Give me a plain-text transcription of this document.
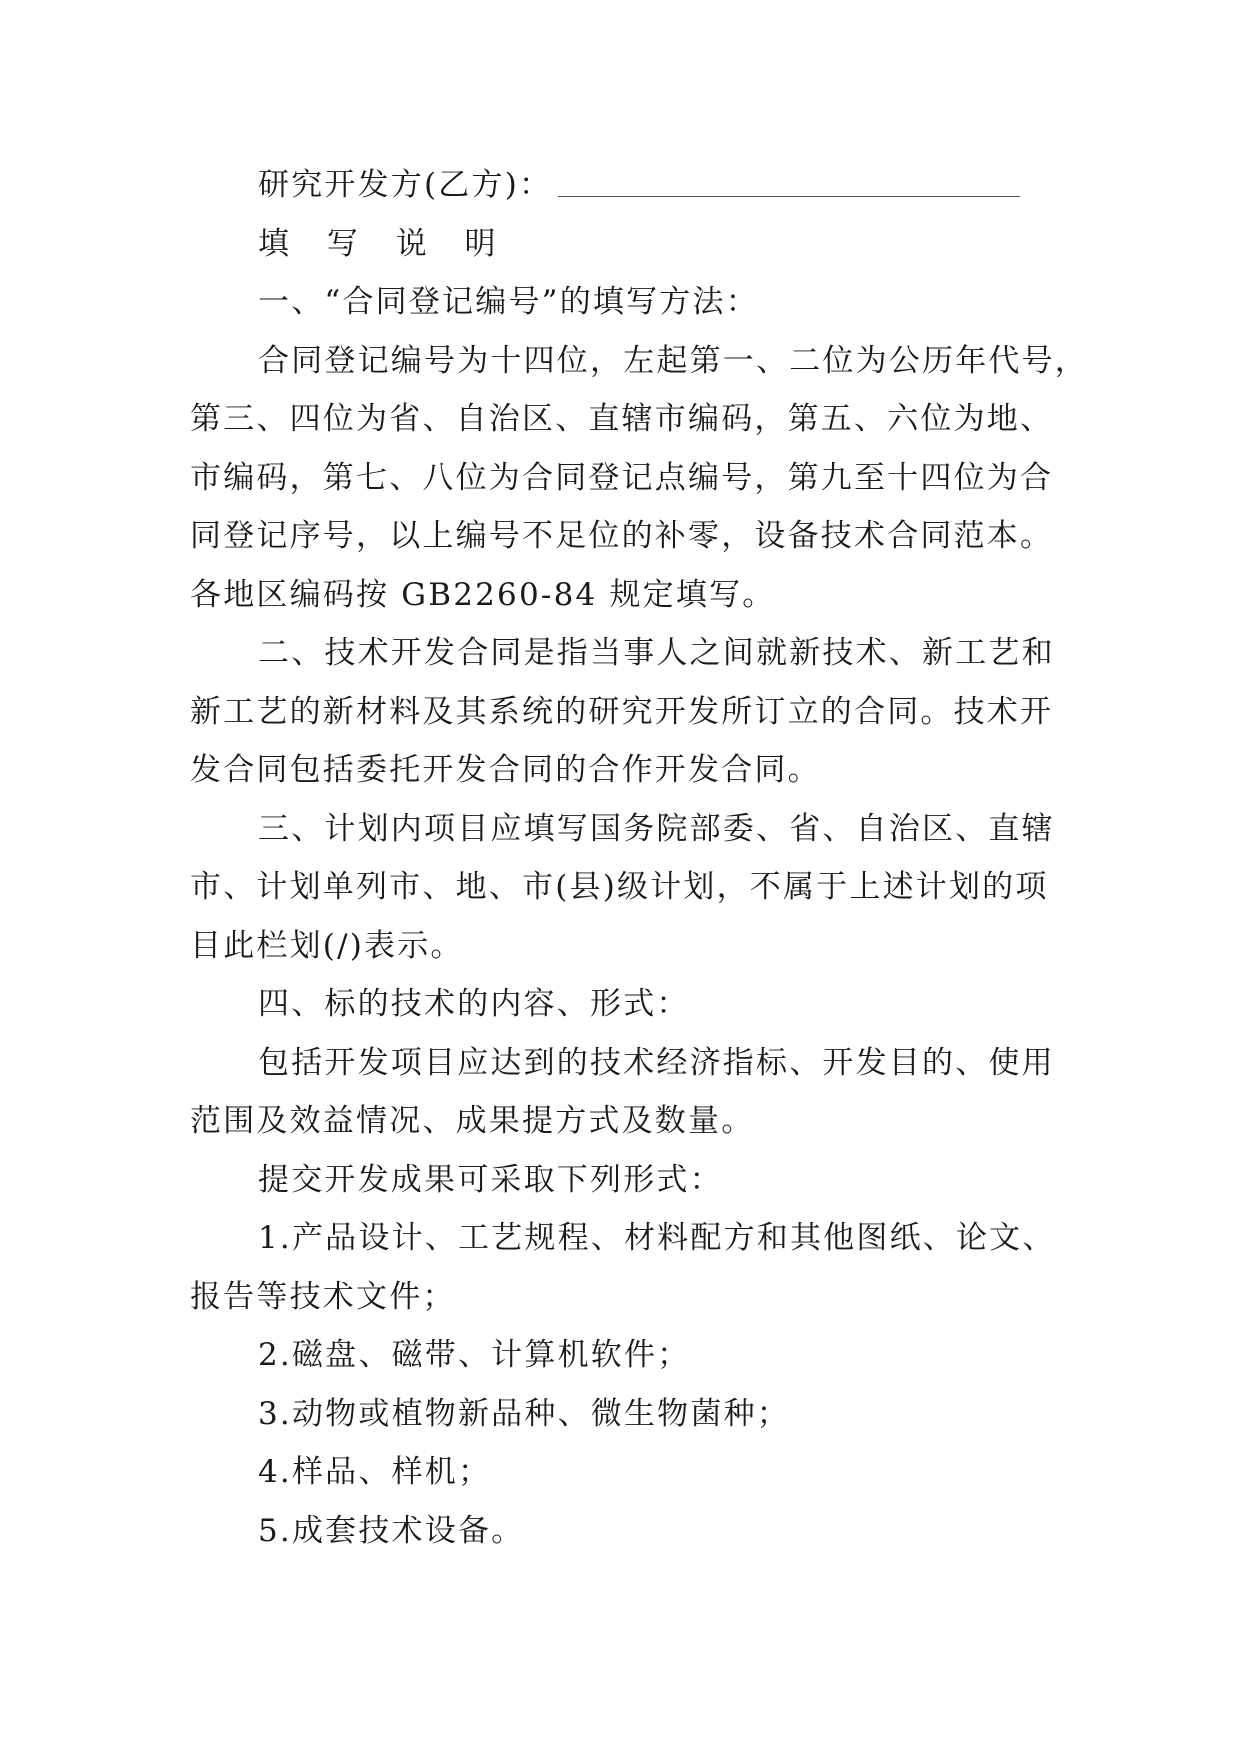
研究开发方(乙方)：
填 写 说 明
一、“合同登记编号”的填写方法：
合同登记编号为十四位，左起第一、二位为公历年代号，
第三、四位为省、自治区、直辖市编码，第五、六位为地、
市编码，第七、八位为合同登记点编号，第九至十四位为合
同登记序号，以上编号不足位的补零，设备技术合同范本。
各地区编码按 GB2260-84 规定填写。
二、技术开发合同是指当事人之间就新技术、新工艺和
新工艺的新材料及其系统的研究开发所订立的合同。技术开
发合同包括委托开发合同的合作开发合同。
三、计划内项目应填写国务院部委、省、自治区、直辖
市、计划单列市、地、市(县)级计划，不属于上述计划的项
目此栏划(/)表示。
四、标的技术的内容、形式：
包括开发项目应达到的技术经济指标、开发目的、使用
范围及效益情况、成果提方式及数量。
提交开发成果可采取下列形式：
1.产品设计、工艺规程、材料配方和其他图纸、论文、
报告等技术文件；
2.磁盘、磁带、计算机软件；
3.动物或植物新品种、微生物菌种；
4.样品、样机；
5.成套技术设备。
